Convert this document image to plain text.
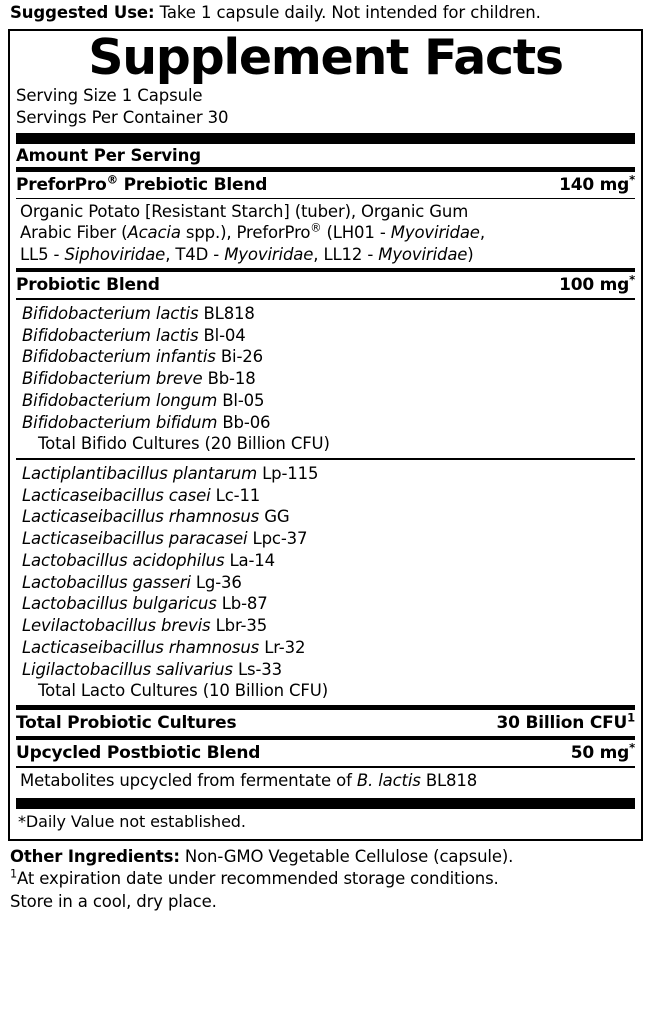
Suggested Use: Take 1 capsule daily. Not intended for children.
Supplement Facts
Serving Size 1 Capsule
Servings Per Container 30
Amount Per Serving
PreforPro® Prebiotic Blend	140 mg*
Organic Potato [Resistant Starch] (tuber), Organic Gum
Arabic Fiber (Acacia spp.), PreforPro® (LH01 - Myoviridae,
LL5 - Siphoviridae, T4D - Myoviridae, LL12 - Myoviridae)
Probiotic Blend	100 mg*
Bifidobacterium lactis BL818
Bifidobacterium lactis Bl-04
Bifidobacterium infantis Bi-26
Bifidobacterium breve Bb-18
Bifidobacterium longum Bl-05
Bifidobacterium bifidum Bb-06
Total Bifido Cultures (20 Billion CFU)
Lactiplantibacillus plantarum Lp-115
Lacticaseibacillus casei Lc-11
Lacticaseibacillus rhamnosus GG
Lacticaseibacillus paracasei Lpc-37
Lactobacillus acidophilus La-14
Lactobacillus gasseri Lg-36
Lactobacillus bulgaricus Lb-87
Levilactobacillus brevis Lbr-35
Lacticaseibacillus rhamnosus Lr-32
Ligilactobacillus salivarius Ls-33
Total Lacto Cultures (10 Billion CFU)
Total Probiotic Cultures	30 Billion CFU$^1$
Upcycled Postbiotic Blend	50 mg*
Metabolites upcycled from fermentate of B. lactis BL818
*Daily Value not established.
Other Ingredients: Non-GMO Vegetable Cellulose (capsule).
$^1$At expiration date under recommended storage conditions.
Store in a cool, dry place.
